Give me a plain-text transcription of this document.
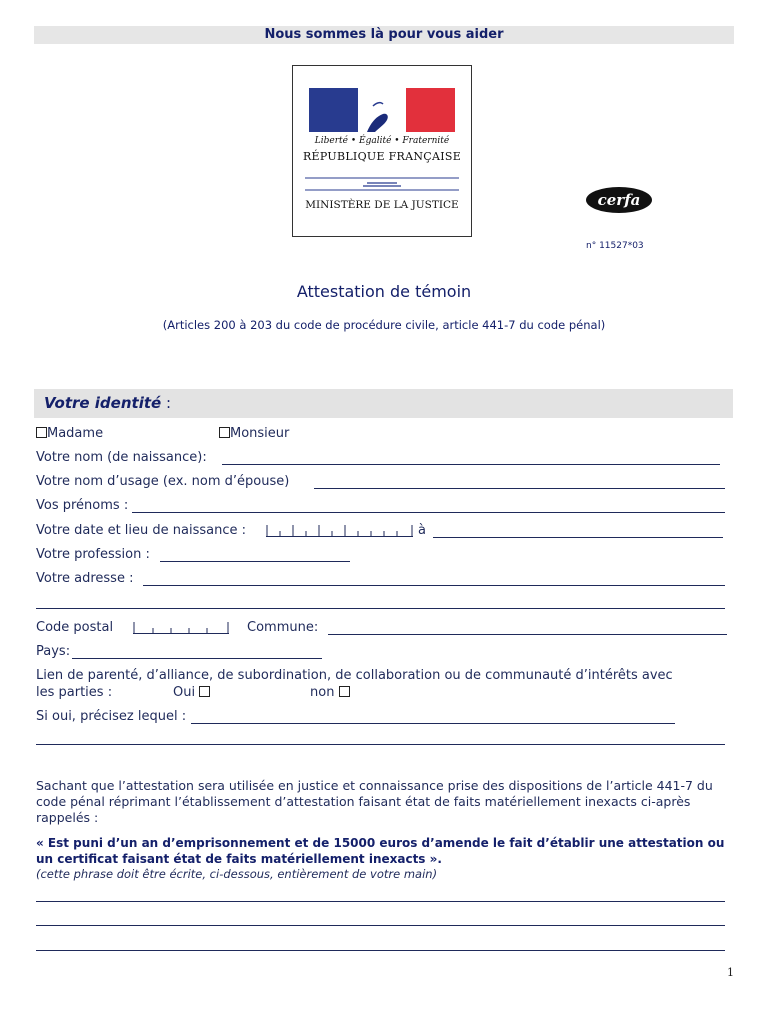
Nous sommes là pour vous aider
Liberté • Égalité • Fraternité
RÉPUBLIQUE FRANÇAISE
MINISTÈRE DE LA JUSTICE	cerfa
n° 11527*03
Attestation de témoin
(Articles 200 à 203 du code de procédure civile, article 441-7 du code pénal)
Votre identité :
Madame	Monsieur
Votre nom (de naissance):
Votre nom d’usage (ex. nom d’épouse)
Vos prénoms :
Votre date et lieu de naissance :	à
Votre profession :
Votre adresse :
Code postal	Commune:
Pays:
Lien de parenté, d’alliance, de subordination, de collaboration ou de communauté d’intérêts avec
les parties :	Oui	non
Si oui, précisez lequel :
Sachant que l’attestation sera utilisée en justice et connaissance prise des dispositions de l’article 441-7 du code pénal réprimant l’établissement d’attestation faisant état de faits matériellement inexacts ci-après rappelés :
« Est puni d’un an d’emprisonnement et de 15000 euros d’amende le fait d’établir une attestation ou un certificat faisant état de faits matériellement inexacts ».
(cette phrase doit être écrite, ci-dessous, entièrement de votre main)
1
